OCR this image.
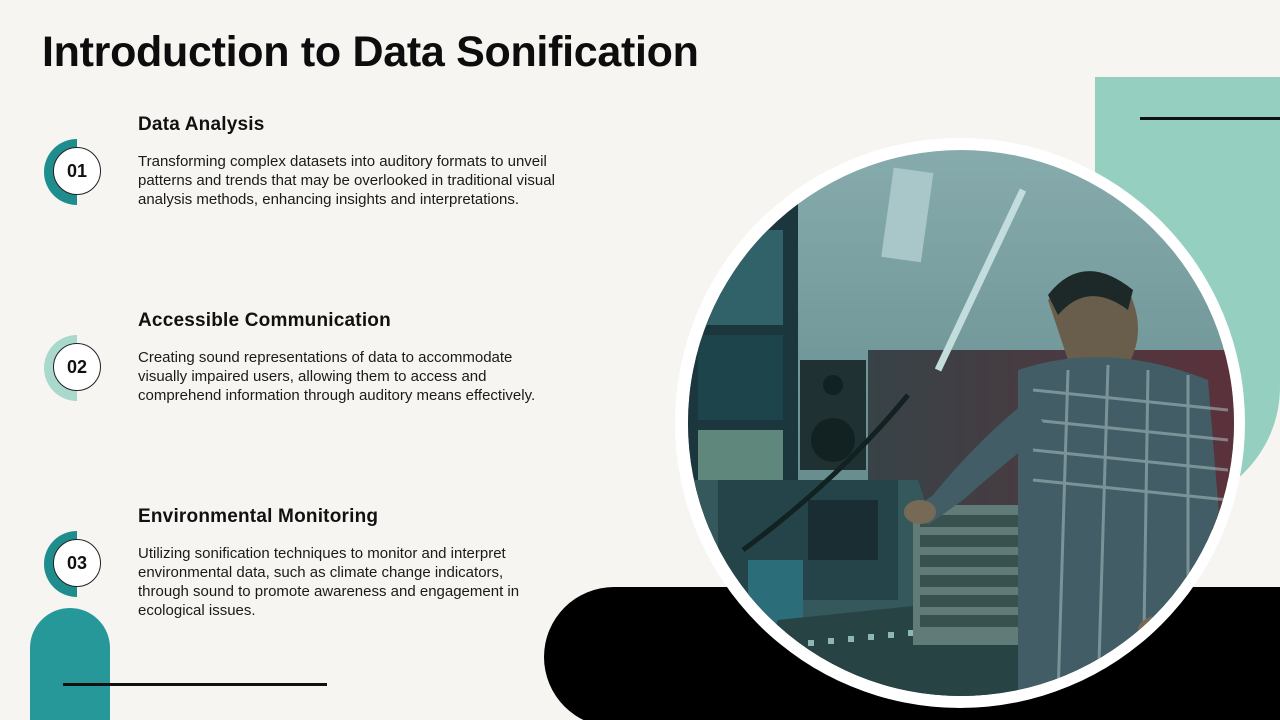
Introduction to Data Sonification
01
Data Analysis

Transforming complex datasets into auditory formats to unveil patterns and trends that may be overlooked in traditional visual analysis methods, enhancing insights and interpretations.

02
Accessible Communication

Creating sound representations of data to accommodate visually impaired users, allowing them to access and comprehend information through auditory means effectively.

03
Environmental Monitoring

Utilizing sonification techniques to monitor and interpret environmental data, such as climate change indicators, through sound to promote awareness and engagement in ecological issues.
